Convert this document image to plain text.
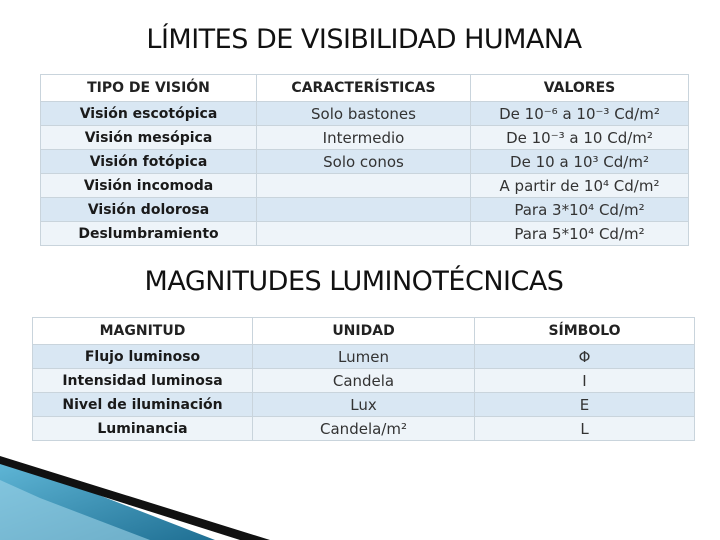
LÍMITES DE VISIBILIDAD HUMANA
TIPO DE VISIÓN	CARACTERÍSTICAS	VALORES
Visión escotópica	Solo bastones	De 10⁻⁶ a 10⁻³ Cd/m²
Visión mesópica	Intermedio	De 10⁻³ a 10 Cd/m²
Visión fotópica	Solo conos	De 10 a 10³ Cd/m²
Visión incomoda		A partir de 10⁴ Cd/m²
Visión dolorosa		Para 3*10⁴ Cd/m²
Deslumbramiento		Para 5*10⁴ Cd/m²
MAGNITUDES LUMINOTÉCNICAS
MAGNITUD	UNIDAD	SÍMBOLO
Flujo luminoso	Lumen	Φ
Intensidad luminosa	Candela	I
Nivel de iluminación	Lux	E
Luminancia	Candela/m²	L
